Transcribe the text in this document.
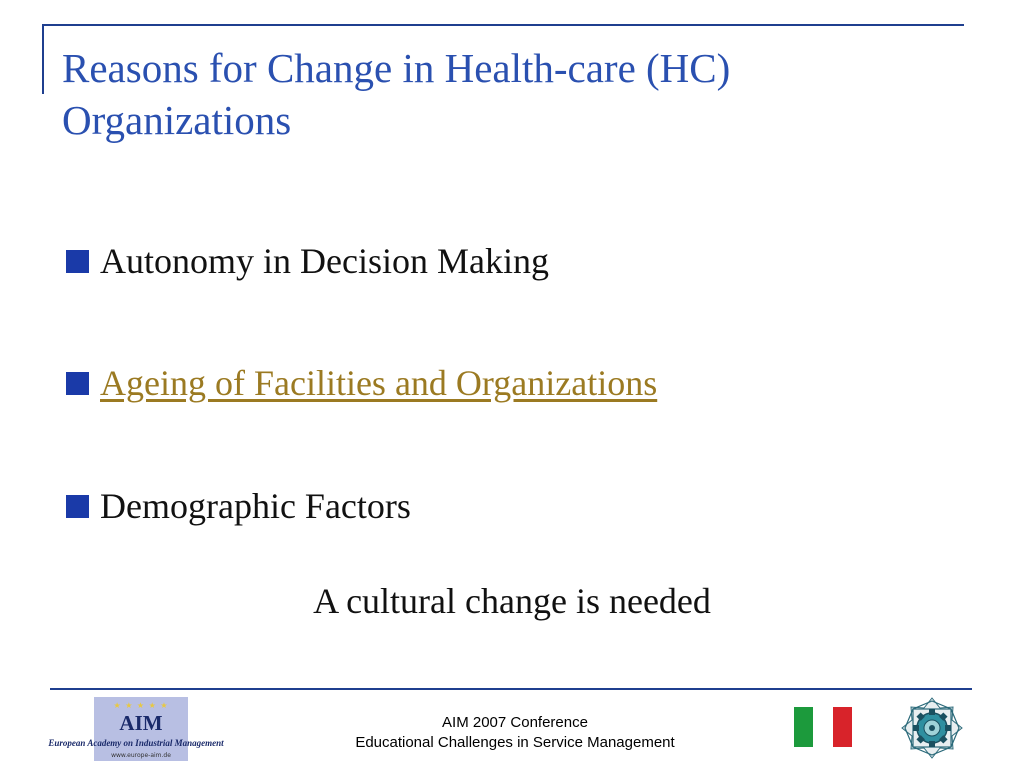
Reasons for Change in Health-care (HC)
Organizations
Autonomy in Decision Making
Ageing of Facilities and Organizations
Demographic Factors
A cultural change is needed
★ ★ ★ ★ ★
AIM
European Academy on Industrial Management
www.europe-aim.de
AIM 2007 Conference
Educational Challenges in Service Management
